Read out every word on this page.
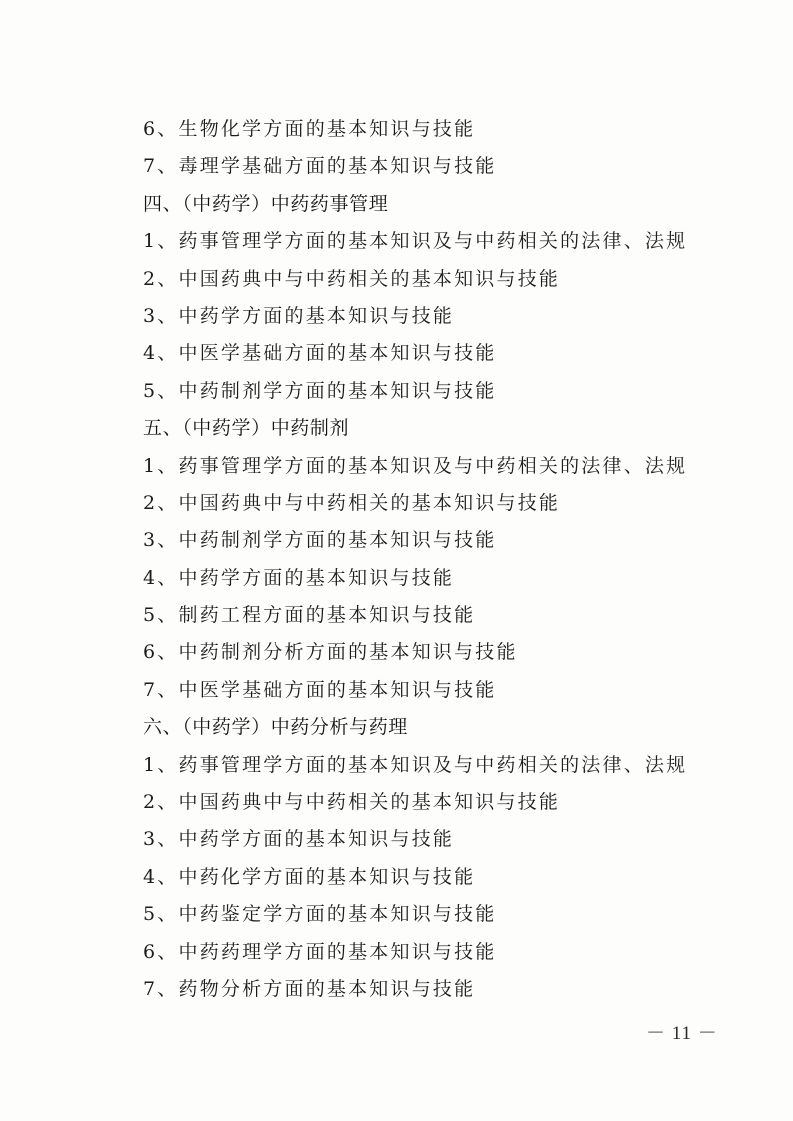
6、生物化学方面的基本知识与技能
7、毒理学基础方面的基本知识与技能
四、（中药学）中药药事管理
1、药事管理学方面的基本知识及与中药相关的法律、法规
2、中国药典中与中药相关的基本知识与技能
3、中药学方面的基本知识与技能
4、中医学基础方面的基本知识与技能
5、中药制剂学方面的基本知识与技能
五、（中药学）中药制剂
1、药事管理学方面的基本知识及与中药相关的法律、法规
2、中国药典中与中药相关的基本知识与技能
3、中药制剂学方面的基本知识与技能
4、中药学方面的基本知识与技能
5、制药工程方面的基本知识与技能
6、中药制剂分析方面的基本知识与技能
7、中医学基础方面的基本知识与技能
六、（中药学）中药分析与药理
1、药事管理学方面的基本知识及与中药相关的法律、法规
2、中国药典中与中药相关的基本知识与技能
3、中药学方面的基本知识与技能
4、中药化学方面的基本知识与技能
5、中药鉴定学方面的基本知识与技能
6、中药药理学方面的基本知识与技能
7、药物分析方面的基本知识与技能
－ 11 －
